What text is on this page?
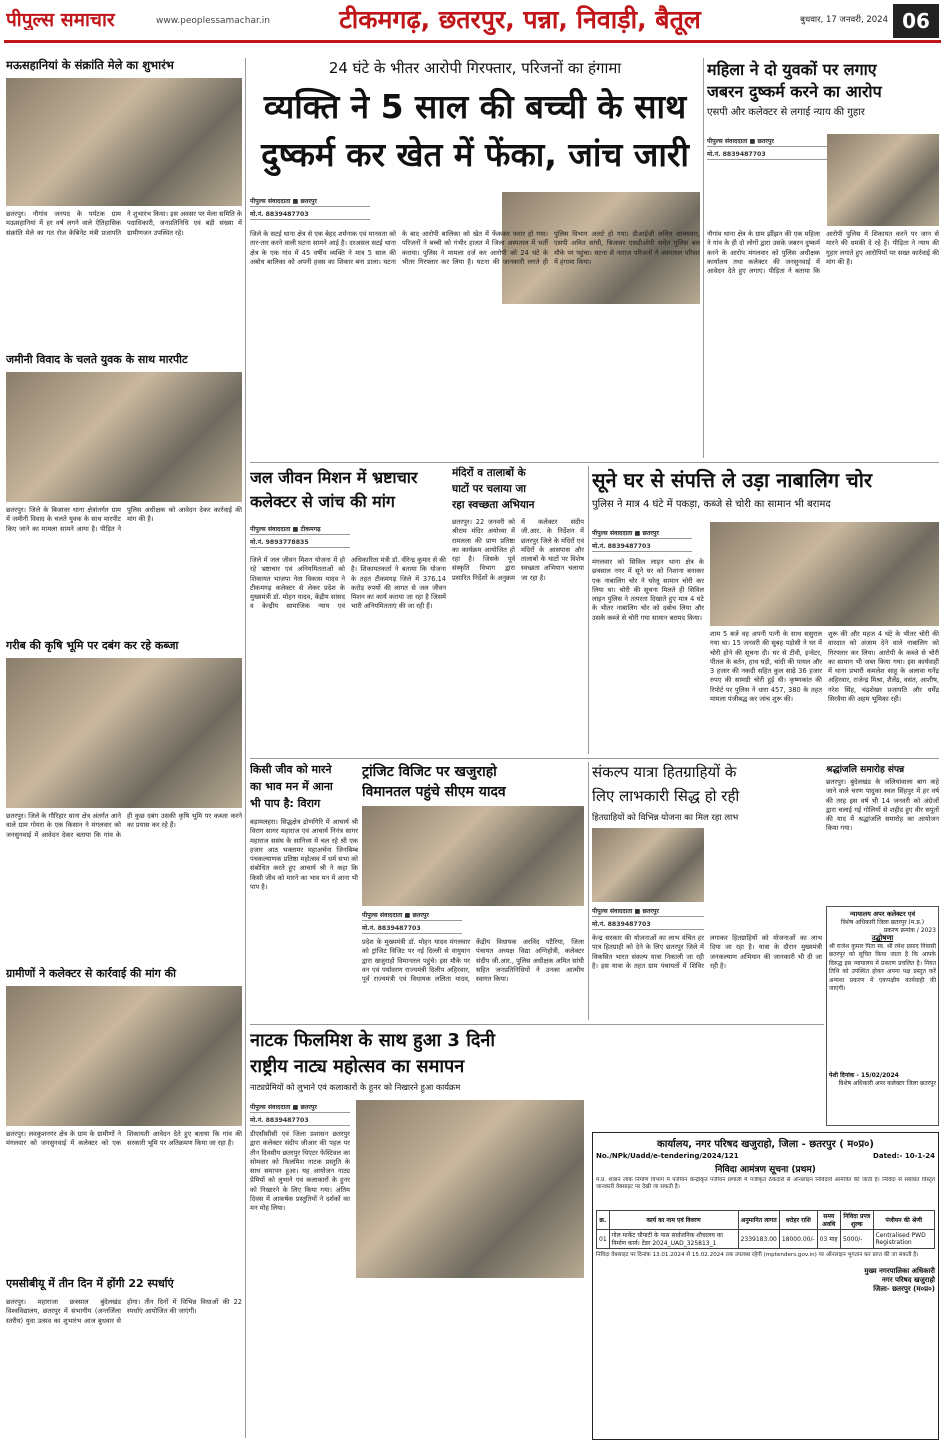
पीपुल्स समाचार	www.peoplessamachar.in	टीकमगढ़, छतरपुर, पन्ना, निवाड़ी, बैतूल	बुधवार, 17 जनवरी, 2024 06
मऊसहानियां के संक्रांति मेले का शुभारंभ
छतरपुर। नौगांव जनपद के पर्यटक ग्राम मऊसहानियां में हर वर्ष लगने वाले ऐतिहासिक संक्रांति मेले का गत रोज केबिनेट मंत्री प्रजापति ने शुभारंभ किया। इस अवसर पर मेला समिति के पदाधिकारी, जनप्रतिनिधि एवं बड़ी संख्या में ग्रामीणजन उपस्थित रहे।
जमीनी विवाद के चलते युवक के साथ मारपीट
छतरपुर। जिले के बिजावर थाना क्षेत्रांतर्गत ग्राम में जमीनी विवाद के चलते युवक के साथ मारपीट किए जाने का मामला सामने आया है। पीड़ित ने पुलिस अधीक्षक को आवेदन देकर कार्रवाई की मांग की है।
गरीब की कृषि भूमि पर दबंग कर रहे कब्जा
छतरपुर। जिले के गौरिहार थाना क्षेत्र अंतर्गत आने वाले ग्राम गोयरा के एक किसान ने मंगलवार को जनसुनवाई में आवेदन देकर बताया कि गांव के ही कुछ दबंग उसकी कृषि भूमि पर कब्जा करने का प्रयास कर रहे हैं।
ग्रामीणों ने कलेक्टर से कार्रवाई की मांग की
छतरपुर। लवकुशनगर क्षेत्र के ग्राम के ग्रामीणों ने मंगलवार को जनसुनवाई में कलेक्टर को एक शिकायती आवेदन देते हुए बताया कि गांव की सरकारी भूमि पर अतिक्रमण किया जा रहा है।
एमसीबीयू में तीन दिन में होंगी 22 स्पर्धाएं
छतरपुर। महाराजा छत्रसाल बुंदेलखंड विश्वविद्यालय, छतरपुर में संभागीय (अन्तर्जिला स्तरीय) युवा उत्सव का शुभारंभ आज बुधवार से होगा। तीन दिनों में विभिन्न विधाओं की 22 स्पर्धाएं आयोजित की जाएंगी।
24 घंटे के भीतर आरोपी गिरफ्तार, परिजनों का हंगामा
व्यक्ति ने 5 साल की बच्ची के साथ
दुष्कर्म कर खेत में फेंका, जांच जारी
पीपुल्स संवाददाता ■ छतरपुर
मो.नं. 8839487703
जिले के सटई थाना क्षेत्र से एक बेहद शर्मनाक एवं मानवता को तार-तार करने वाली घटना सामने आई है। दरअसल सटई थाना क्षेत्र के एक गांव में 45 वर्षीय व्यक्ति ने मात्र 5 साल की अबोध बालिका को अपनी हवस का शिकार बना डाला। घटना के बाद आरोपी बालिका को खेत में फेंककर फरार हो गया। परिजनों ने बच्ची को गंभीर हालत में जिला अस्पताल में भर्ती कराया। पुलिस ने मामला दर्ज कर आरोपी को 24 घंटे के भीतर गिरफ्तार कर लिया है। घटना की जानकारी लगते ही पुलिस विभाग अलर्ट हो गया। डीआईजी ललित शाक्यवार, एसपी अमित सांघी, बिजावर एसडीओपी समेत पुलिस बल मौके पर पहुंचा। घटना से नाराज परिजनों ने अस्पताल परिसर में हंगामा किया।
महिला ने दो युवकों पर लगाए
जबरन दुष्कर्म करने का आरोप
एसपी और कलेक्टर से लगाई न्याय की गुहार
पीपुल्स संवाददाता ■ छतरपुर
मो.नं. 8839487703
नौगांव थाना क्षेत्र के ग्राम झींझन की एक महिला ने गांव के ही दो लोगों द्वारा उसके जबरन दुष्कर्म करने के आरोप मंगलवार को पुलिस अधीक्षक कार्यालय तथा कलेक्टर की जनसुनवाई में आवेदन देते हुए लगाए। पीड़िता ने बताया कि आरोपी पुलिस में शिकायत करने पर जान से मारने की धमकी दे रहे हैं। पीड़िता ने न्याय की गुहार लगाते हुए आरोपियों पर सख्त कार्रवाई की मांग की है।
जल जीवन मिशन में भ्रष्टाचार
कलेक्टर से जांच की मांग
पीपुल्स संवाददाता ■ टीकमगढ़
मो.नं. 9893778835
जिले में जल जीवन मिशन योजना में हो रहे भ्रष्टाचार एवं अनियमितताओं को शिकायत भाजपा नेता विकास यादव ने टीकमगढ़ कलेक्टर से लेकर प्रदेश के मुख्यमंत्री डॉ. मोहन यादव, केंद्रीय सांसद व केन्द्रीय सामाजिक न्याय एवं अधिकारिता मंत्री डॉ. वीरेन्द्र कुमार से की है। शिकायतकर्ता ने बताया कि योजना के तहत टीकमगढ़ जिले में 376.14 करोड़ रुपयों की लागत से जल जीवन मिशन का कार्य कराया जा रहा है जिसमें भारी अनियमितताएं की जा रही हैं।
मंदिरों व तालाबों के
घाटों पर चलाया जा
रहा स्वच्छता अभियान
छतरपुर। 22 जनवरी को श्रीराम मंदिर अयोध्या में रामलला की प्राण प्रतिष्ठा का कार्यक्रम आयोजित हो रहा है। जिसके पूर्व संस्कृति विभाग द्वारा प्रसारित निर्देशों के अनुक्रम में कलेक्टर संदीप जी.आर. के निर्देशन में छतरपुर जिले के मंदिरों एवं मंदिरों के आसपास और तालाबों के घाटों पर विशेष स्वच्छता अभियान चलाया जा रहा है।
सूने घर से संपत्ति ले उड़ा नाबालिग चोर
पुलिस ने मात्र 4 घंटे में पकड़ा, कब्जे से चोरी का सामान भी बरामद
पीपुल्स संवाददाता ■ छतरपुर
मो.नं. 8839487703
मंगलवार को सिविल लाइन थाना क्षेत्र के छत्रसाल नगर में सूने घर को निशाना बनाकर एक नाबालिग चोर ने घरेलू सामान चोरी कर लिया था। चोरी की सूचना मिलते ही सिविल लाइन पुलिस ने तत्परता दिखाते हुए मात्र 4 घंटे के भीतर नाबालिग चोर को दबोच लिया और उसके कब्जे से चोरी गया सामान बरामद किया।
शाम 5 बजे वह अपनी पत्नी के साथ ससुराल गया था। 15 जनवरी की सुबह पड़ोसी ने घर में चोरी होने की सूचना दी। घर से टीवी, इन्वेटर, पीतल के बर्तन, हाथ घड़ी, चांदी की पायल और 3 हजार की नकदी सहित कुल साढ़े 36 हजार रुपए की सामग्री चोरी हुई थी। कृष्णकांत की रिपोर्ट पर पुलिस ने धारा 457, 380 के तहत मामला पंजीबद्ध कर जांच शुरू की।
शुरू की और महज 4 घंटे के भीतर चोरी की वारदात को अंजाम देने वाले नाबालिग को गिरफ्तार कर लिया। आरोपी के कब्जे से चोरी का सामान भी जब्त किया गया। इस कार्यवाही में थाना प्रभारी कमलेश साहू के अलावा घनेंद्र अहिरवार, राजेन्द्र मिश्रा, शैलेंद्र, वसंत, आशीष, नरेश सिंह, चंद्रशेखर प्रजापति और धर्मेंद्र सिरवैया की अहम भूमिका रही।
किसी जीव को मारने
का भाव मन में आना
भी पाप है: विराग
बड़ामलहरा। सिद्धक्षेत्र द्रोणगिरि में आचार्य श्री विराग सागर महाराज एवं आचार्य निनंत्र सागर महाराज ससंघ के सानिध्य में चल रहे श्री एक हजार आठ भक्तामर महाअर्चना जिनबिम्ब पंचकल्याणक प्रतिष्ठा महोत्सव में धर्म सभा को संबोधित करते हुए आचार्य श्री ने कहा कि किसी जीव को मारने का भाव मन में आना भी पाप है।
ट्रांजिट विजिट पर खजुराहो
विमानतल पहुंचे सीएम यादव
पीपुल्स संवाददाता ■ छतरपुर
मो.नं. 8839487703
प्रदेश के मुख्यमंत्री डॉ. मोहन यादव मंगलवार को ट्रांजिट विजिट पर नई दिल्ली से वायुयान द्वारा खजुराहो विमानतल पहुंचे। इस मौके पर वन एवं पर्यावरण राज्यमंत्री दिलीप अहिरवार, पूर्व राज्यमंत्री एवं विधायक ललिता यादव, केंद्रीय विधायक अरविंद पटैरिया, जिला पंचायत अध्यक्ष विद्या अग्निहोत्री, कलेक्टर संदीप जी.आर., पुलिस अधीक्षक अमित सांघी सहित जनप्रतिनिधियों ने उनका आत्मीय स्वागत किया।
संकल्प यात्रा हितग्राहियों के
लिए लाभकारी सिद्ध हो रही
हितग्राहियों को विभिन्न योजना का मिल रहा लाभ
पीपुल्स संवाददाता ■ छतरपुर
मो.नं. 8839487703
केन्द्र सरकार की योजनाओं का लाभ वंचित हर पात्र हितग्राही को देने के लिए छतरपुर जिले में विकसित भारत संकल्प यात्रा निकाली जा रही है। इस यात्रा के तहत ग्राम पंचायतों में शिविर लगाकर हितग्राहियों को योजनाओं का लाभ दिया जा रहा है। यात्रा के दौरान मुख्यमंत्री जनकल्याण अभियान की जानकारी भी दी जा रही है।
श्रद्धांजलि समारोह संपन्न
छतरपुर। बुंदेलखंड के जलियांवाला बाग कहे जाने वाले चरण पादुका स्थल सिंहपुर में हर वर्ष की तरह इस वर्ष भी 14 जनवरी को अंग्रेजों द्वारा चलाई गई गोलियों से शहीद हुए वीर सपूतों की याद में श्रद्धांजलि समारोह का आयोजन किया गया।
न्यायालय अपर कलेक्टर एवं
विशेष अधिकारी जिला छतरपुर (म.प्र.)
प्रकरण क्रमांक / 2023
उद्घोषणा
श्री राजेश कुमार पिता स्व. श्री रमेश प्रसाद निवासी छतरपुर को सूचित किया जाता है कि आपके विरुद्ध इस न्यायालय में प्रकरण प्रचलित है। नियत तिथि को उपस्थित होकर अपना पक्ष प्रस्तुत करें अन्यथा प्रकरण में एकपक्षीय कार्यवाही की जाएगी।
पेशी दिनांक - 15/02/2024
विशेष अधिकारी अपर कलेक्टर जिला छतरपुर
नाटक फिलमिश के साथ हुआ 3 दिनी
राष्ट्रीय नाट्य महोत्सव का समापन
नाट्यप्रेमियों को लुभाने एवं कलाकारों के हुनर को निखारने हुआ कार्यक्रम
पीपुल्स संवाददाता ■ छतरपुर
मो.नं. 8839487703
डीएसीसीसी एवं जिला प्रशासन छतरपुर द्वारा कलेक्टर संदीप जीआर की पहल पर तीन दिवसीय छतरपुर थिएटर फेस्टिवल का सोमवार को फिलमिश नाटक प्रस्तुति के साथ समापन हुआ। यह आयोजन नाट्य प्रेमियों को लुभाने एवं कलाकारों के हुनर को निखारने के लिए किया गया। अंतिम दिवस में आकर्षक प्रस्तुतियों ने दर्शकों का मन मोह लिया।
कार्यालय, नगर परिषद खजुराहो, जिला - छतरपुर ( म०प्र०)
No./NPk/Uadd/e-tendering/2024/121	Dated:- 10-1-24
निविदा आमंत्रण सूचना (प्रथम)
म.प्र. शासन लोक निर्माण विभाग में पंजीयन केन्द्रीकृत पंजीयन प्रणाली में पंजीकृत ठेकेदारों से ऑनलाइन निविदायें आमंत्रित की जाती हैं। निविदा से संबंधित विस्तृत जानकारी वेबसाइट पर देखी जा सकती है।
क्र.	कार्य का नाम एवं विवरण	अनुमानित लागत	धरोहर राशि	समय अवधि	निविदा प्रपत्र शुल्क	पंजीयन की श्रेणी
01	गोल मार्केट चौपाटी के पास सार्वजनिक शौचालय का निर्माण कार्य। टेंडर 2024_UAD_325813_1	2339183.00	18000.00/-	03 माह	5000/-	Centralised PWD Registration
निविदा वेबसाइट पर दिनांक 13.01.2024 से 15.02.2024 तक उपलब्ध रहेगी (mptenders.gov.in) पर ऑनलाइन भुगतान कर प्राप्त की जा सकती है।
मुख्य नगरपालिका अधिकारी
नगर परिषद खजुराहो
जिला- छतरपुर (म०प्र०)
